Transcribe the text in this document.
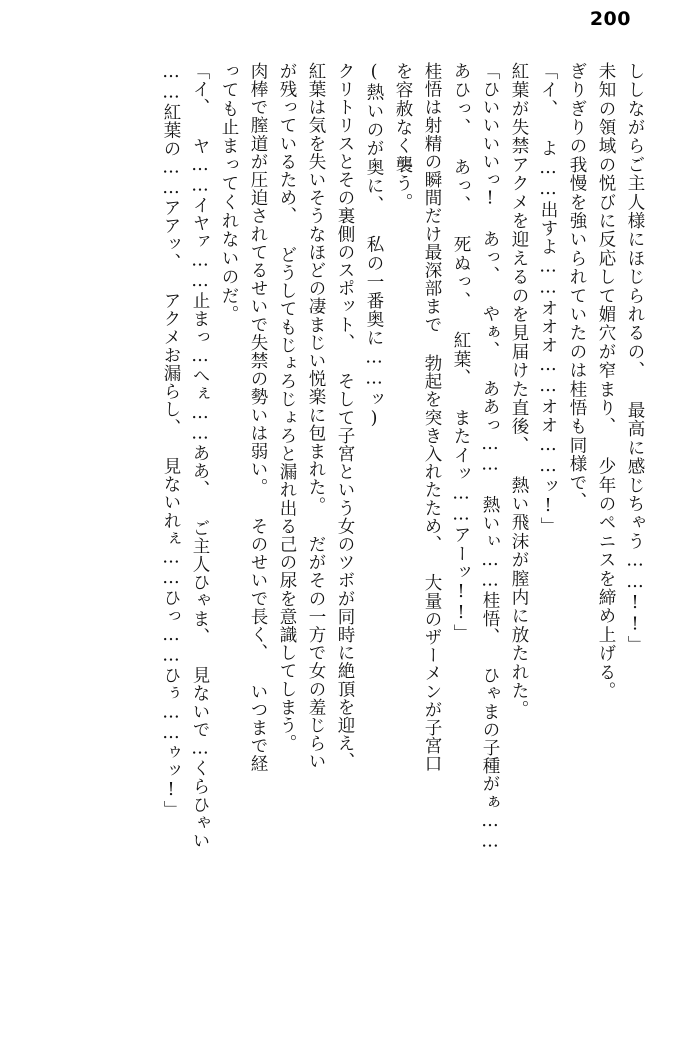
200
ししながらご主人様にほじられるの、 最高に感じちゃう……!!」
未知の領域の悦びに反応して媚穴が窄まり、 少年のペニスを締め上げる。
ぎりぎりの我慢を強いられていたのは桂悟も同様で、
「イ、 よ……出すよ……オオオ……オオ……ッ!」
紅葉が失禁アクメを迎えるのを見届けた直後、 熱い飛沫が膣内に放たれた。
「ひいいいいっ! あっ、 やぁ、 ああっ…… 熱いぃ……桂悟、 ひゃまの子種がぁ……
あひっ、 あっ、 死ぬっ、 紅葉、 またイッ……アーッ!!」
桂悟は射精の瞬間だけ最深部まで 勃起を突き入れたため、 大量のザーメンが子宮口
を容赦なく襲う。
(熱いのが奥に、 私の一番奥に……ッ)
クリトリスとその裏側のスポット、 そして子宮という女のツボが同時に絶頂を迎え、
紅葉は気を失いそうなほどの凄まじい悦楽に包まれた。 だがその一方で女の羞じらい
が残っているため、 どうしてもじょろじょろと漏れ出る己の尿を意識してしまう。
肉棒で膣道が圧迫されてるせいで失禁の勢いは弱い。 そのせいで長く、 いつまで経
っても止まってくれないのだ。
「イ、 ヤ……イヤァ……止まっ…へぇ……ああ、 ご主人ひゃま、 見ないで…くらひゃい
……紅葉の……アアッ、 アクメお漏らし、 見ないれぇ……ひっ……ひぅ……ゥッ!」
